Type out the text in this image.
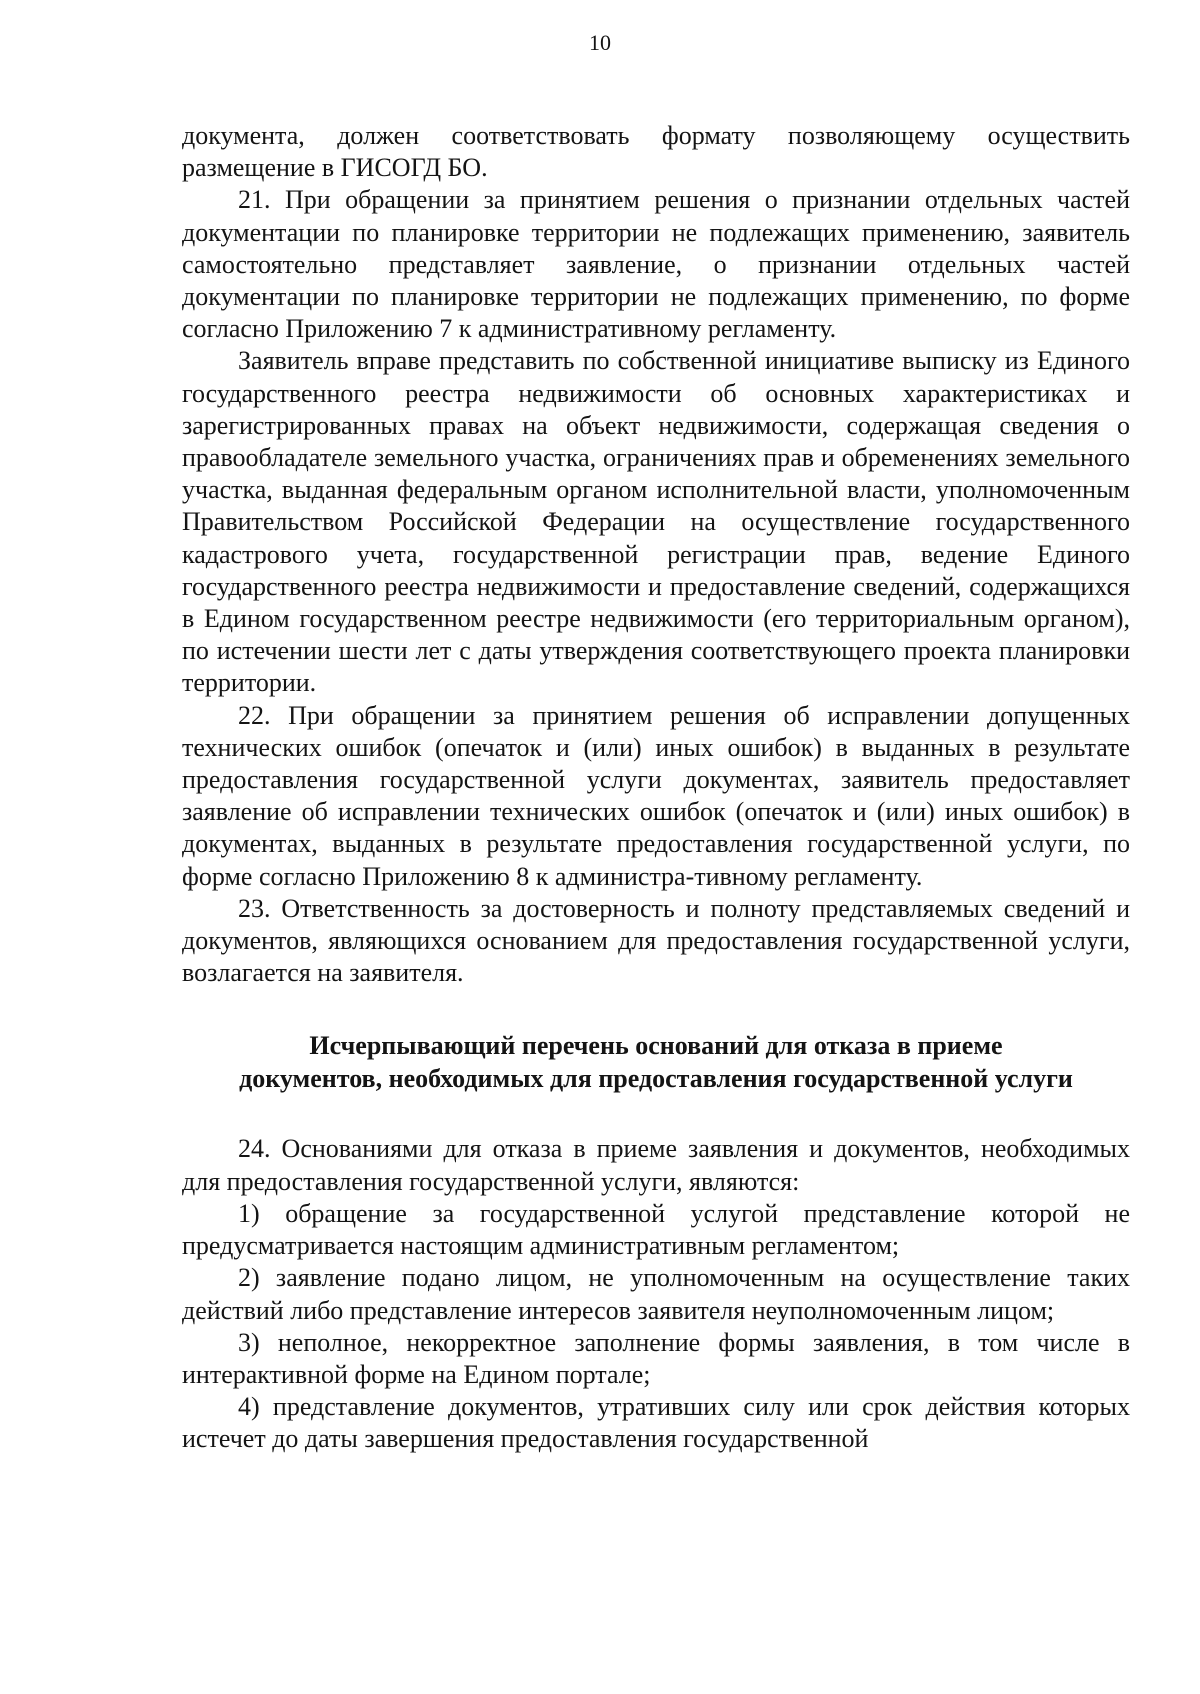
10

документа, должен соответствовать формату позволяющему осуществить размещение в ГИСОГД БО.

21. При обращении за принятием решения о признании отдельных частей документации по планировке территории не подлежащих применению, заявитель самостоятельно представляет заявление, о признании отдельных частей документации по планировке территории не подлежащих применению, по форме согласно Приложению 7 к административному регламенту.

Заявитель вправе представить по собственной инициативе выписку из Единого государственного реестра недвижимости об основных характеристиках и зарегистрированных правах на объект недвижимости, содержащая сведения о правообладателе земельного участка, ограничениях прав и обременениях земельного участка, выданная федеральным органом исполнительной власти, уполномоченным Правительством Российской Федерации на осуществление государственного кадастрового учета, государственной регистрации прав, ведение Единого государственного реестра недвижимости и предоставление сведений, содержащихся в Едином государственном реестре недвижимости (его территориальным органом), по истечении шести лет с даты утверждения соответствующего проекта планировки территории.

22. При обращении за принятием решения об исправлении допущенных технических ошибок (опечаток и (или) иных ошибок) в выданных в результате предоставления государственной услуги документах, заявитель предоставляет заявление об исправлении технических ошибок (опечаток и (или) иных ошибок) в документах, выданных в результате предоставления государственной услуги, по форме согласно Приложению 8 к администра-тивному регламенту.

23. Ответственность за достоверность и полноту представляемых сведений и документов, являющихся основанием для предоставления государственной услуги, возлагается на заявителя.

Исчерпывающий перечень оснований для отказа в приеме
документов, необходимых для предоставления государственной услуги

24. Основаниями для отказа в приеме заявления и документов, необходимых для предоставления государственной услуги, являются:

1) обращение за государственной услугой представление которой не предусматривается настоящим административным регламентом;

2) заявление подано лицом, не уполномоченным на осуществление таких действий либо представление интересов заявителя неуполномоченным лицом;

3) неполное, некорректное заполнение формы заявления, в том числе в интерактивной форме на Едином портале;

4) представление документов, утративших силу или срок действия которых истечет до даты завершения предоставления государственной
